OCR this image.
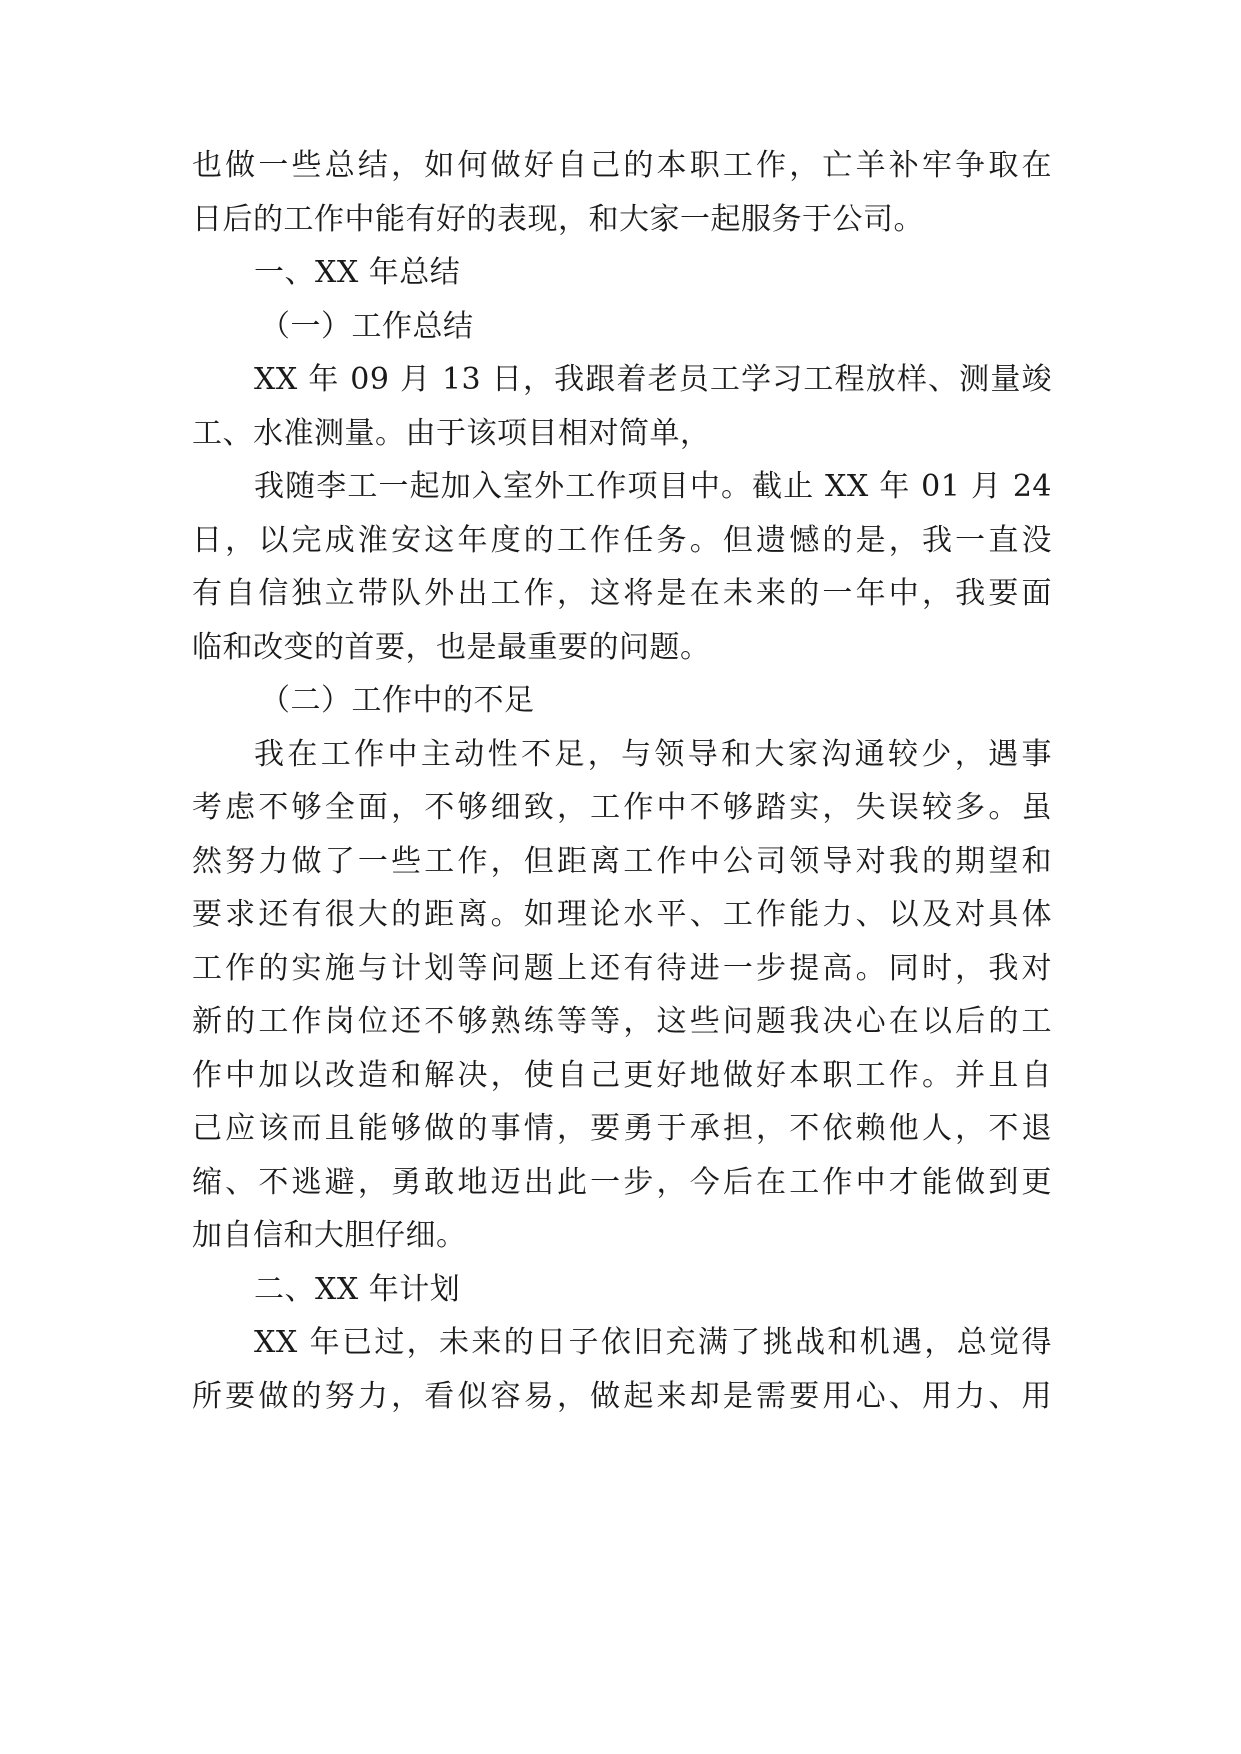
也做一些总结，如何做好自己的本职工作，亡羊补牢争取在
日后的工作中能有好的表现，和大家一起服务于公司。
一、XX 年总结
（一）工作总结
XX 年 09 月 13 日，我跟着老员工学习工程放样、测量竣
工、水准测量。由于该项目相对简单，
我随李工一起加入室外工作项目中。截止 XX 年 01 月 24
日，以完成淮安这年度的工作任务。但遗憾的是，我一直没
有自信独立带队外出工作，这将是在未来的一年中，我要面
临和改变的首要，也是最重要的问题。
（二）工作中的不足
我在工作中主动性不足，与领导和大家沟通较少，遇事
考虑不够全面，不够细致，工作中不够踏实，失误较多。虽
然努力做了一些工作，但距离工作中公司领导对我的期望和
要求还有很大的距离。如理论水平、工作能力、以及对具体
工作的实施与计划等问题上还有待进一步提高。同时，我对
新的工作岗位还不够熟练等等，这些问题我决心在以后的工
作中加以改造和解决，使自己更好地做好本职工作。并且自
己应该而且能够做的事情，要勇于承担，不依赖他人，不退
缩、不逃避，勇敢地迈出此一步，今后在工作中才能做到更
加自信和大胆仔细。
二、XX 年计划
XX 年已过，未来的日子依旧充满了挑战和机遇，总觉得
所要做的努力，看似容易，做起来却是需要用心、用力、用
